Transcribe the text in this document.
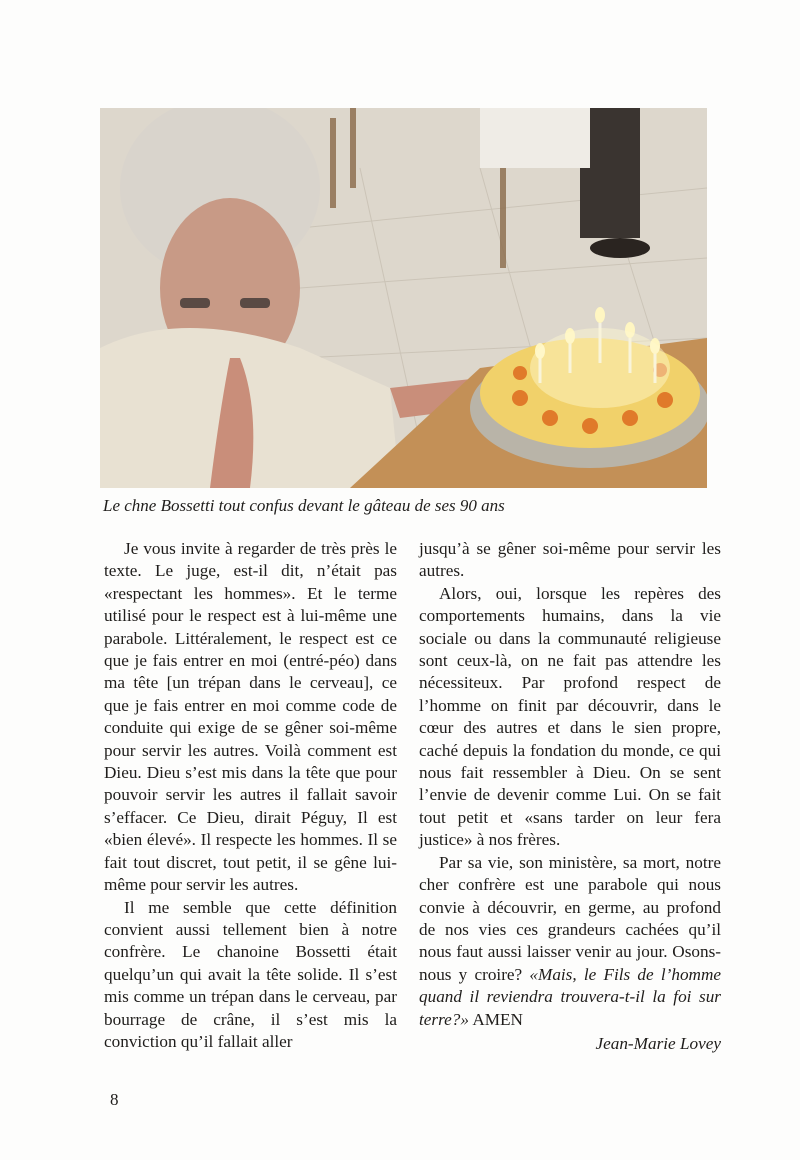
Le chne Bossetti tout confus devant le gâteau de ses 90 ans

Je vous invite à regarder de très près le texte. Le juge, est-il dit, n’était pas «respectant les hommes». Et le terme utilisé pour le respect est à lui-même une parabole. Littéralement, le respect est ce que je fais entrer en moi (entré-péo) dans ma tête [un trépan dans le cerveau], ce que je fais entrer en moi comme code de conduite qui exige de se gêner soi-même pour servir les autres. Voilà comment est Dieu. Dieu s’est mis dans la tête que pour pouvoir servir les autres il fallait savoir s’effacer. Ce Dieu, dirait Péguy, Il est «bien élevé». Il respecte les hommes. Il se fait tout discret, tout petit, il se gêne lui-même pour servir les autres.

Il me semble que cette définition convient aussi tellement bien à notre confrère. Le chanoine Bossetti était quelqu’un qui avait la tête solide. Il s’est mis comme un trépan dans le cerveau, par bourrage de crâne, il s’est mis la conviction qu’il fallait aller

jusqu’à se gêner soi-même pour servir les autres.

Alors, oui, lorsque les repères des comportements humains, dans la vie sociale ou dans la communauté religieuse sont ceux-là, on ne fait pas attendre les nécessiteux. Par profond respect de l’homme on finit par découvrir, dans le cœur des autres et dans le sien propre, caché depuis la fondation du monde, ce qui nous fait ressembler à Dieu. On se sent l’envie de devenir comme Lui. On se fait tout petit et «sans tarder on leur fera justice» à nos frères.

Par sa vie, son ministère, sa mort, notre cher confrère est une parabole qui nous convie à découvrir, en germe, au profond de nos vies ces grandeurs cachées qu’il nous faut aussi laisser venir au jour. Osons-nous y croire? «Mais, le Fils de l’homme quand il reviendra trouvera-t-il la foi sur terre?» AMEN

Jean-Marie Lovey
8
